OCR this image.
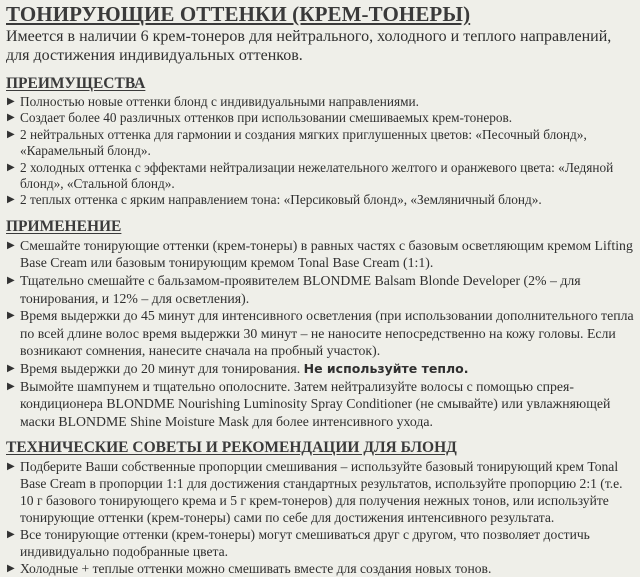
ТОНИРУЮЩИЕ ОТТЕНКИ (КРЕМ-ТОНЕРЫ)

Имеется в наличии 6 крем-тонеров для нейтрального, холодного и теплого направлений, для достижения индивидуальных оттенков.

ПРЕИМУЩЕСТВА
▶ Полностью новые оттенки блонд с индивидуальными направлениями.
▶ Создает более 40 различных оттенков при использовании смешиваемых крем-тонеров.
▶ 2 нейтральных оттенка для гармонии и создания мягких приглушенных цветов: «Песочный блонд», «Карамельный блонд».
▶ 2 холодных оттенка с эффектами нейтрализации нежелательного желтого и оранжевого цвета: «Ледяной блонд», «Стальной блонд».
▶ 2 теплых оттенка с ярким направлением тона: «Персиковый блонд», «Земляничный блонд».
ПРИМЕНЕНИЕ
▶ Смешайте тонирующие оттенки (крем-тонеры) в равных частях с базовым осветляющим кремом Lifting Base Cream или базовым тонирующим кремом Tonal Base Cream (1:1).
▶ Тщательно смешайте с бальзамом-проявителем BLONDME Balsam Blonde Developer (2% – для тонирования, и 12% – для осветления).
▶ Время выдержки до 45 минут для интенсивного осветления (при использовании дополнительного тепла по всей длине волос время выдержки 30 минут – не наносите непосредственно на кожу головы. Если возникают сомнения, нанесите сначала на пробный участок).
▶ Время выдержки до 20 минут для тонирования. Не используйте тепло.
▶ Вымойте шампунем и тщательно ополосните. Затем нейтрализуйте волосы с помощью спрея-кондиционера BLONDME Nourishing Luminosity Spray Conditioner (не смывайте) или увлажняющей маски BLONDME Shine Moisture Mask для более интенсивного ухода.
ТЕХНИЧЕСКИЕ СОВЕТЫ И РЕКОМЕНДАЦИИ ДЛЯ БЛОНД
▶ Подберите Ваши собственные пропорции смешивания – используйте базовый тонирующий крем Tonal Base Cream в пропорции 1:1 для достижения стандартных результатов, используйте пропорцию 2:1 (т.е. 10 г базового тонирующего крема и 5 г крем-тонеров) для получения нежных тонов, или используйте тонирующие оттенки (крем-тонеры) сами по себе для достижения интенсивного результата.
▶ Все тонирующие оттенки (крем-тонеры) могут смешиваться друг с другом, что позволяет достичь индивидуально подобранные цвета.
▶ Холодные + теплые оттенки можно смешивать вместе для создания новых тонов.
